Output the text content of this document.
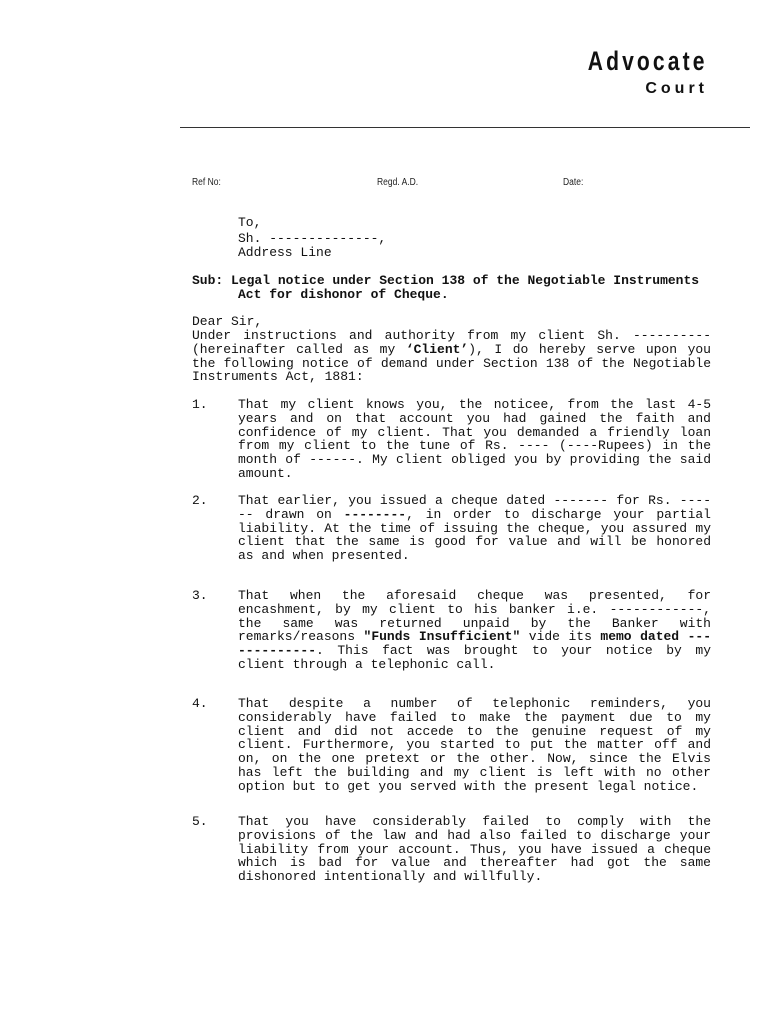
Advocate
Court
Ref No:	Regd. A.D.	Date:
To,
Sh. --------------,
Address Line
Sub: Legal notice under Section 138 of the Negotiable Instruments
Act for dishonor of Cheque.
Dear Sir,
Under instructions and authority from my client Sh. ---------- (hereinafter called as my ‘Client’), I do hereby serve upon you the following notice of demand under Section 138 of the Negotiable Instruments Act, 1881:
1. That my client knows you, the noticee, from the last 4-5 years and on that account you had gained the faith and confidence of my client. That you demanded a friendly loan from my client to the tune of Rs. ---- (----Rupees) in the month of ------. My client obliged you by providing the said amount.
2. That earlier, you issued a cheque dated ------- for Rs. ------ drawn on --------, in order to discharge your partial liability. At the time of issuing the cheque, you assured my client that the same is good for value and will be honored as and when presented.
3. That when the aforesaid cheque was presented, for encashment, by my client to his banker i.e. ------------, the same was returned unpaid by the Banker with remarks/reasons "Funds Insufficient" vide its memo dated -------------. This fact was brought to your notice by my client through a telephonic call.
4. That despite a number of telephonic reminders, you considerably have failed to make the payment due to my client and did not accede to the genuine request of my client. Furthermore, you started to put the matter off and on, on the one pretext or the other. Now, since the Elvis has left the building and my client is left with no other option but to get you served with the present legal notice.
5. That you have considerably failed to comply with the provisions of the law and had also failed to discharge your liability from your account. Thus, you have issued a cheque which is bad for value and thereafter had got the same dishonored intentionally and willfully.
